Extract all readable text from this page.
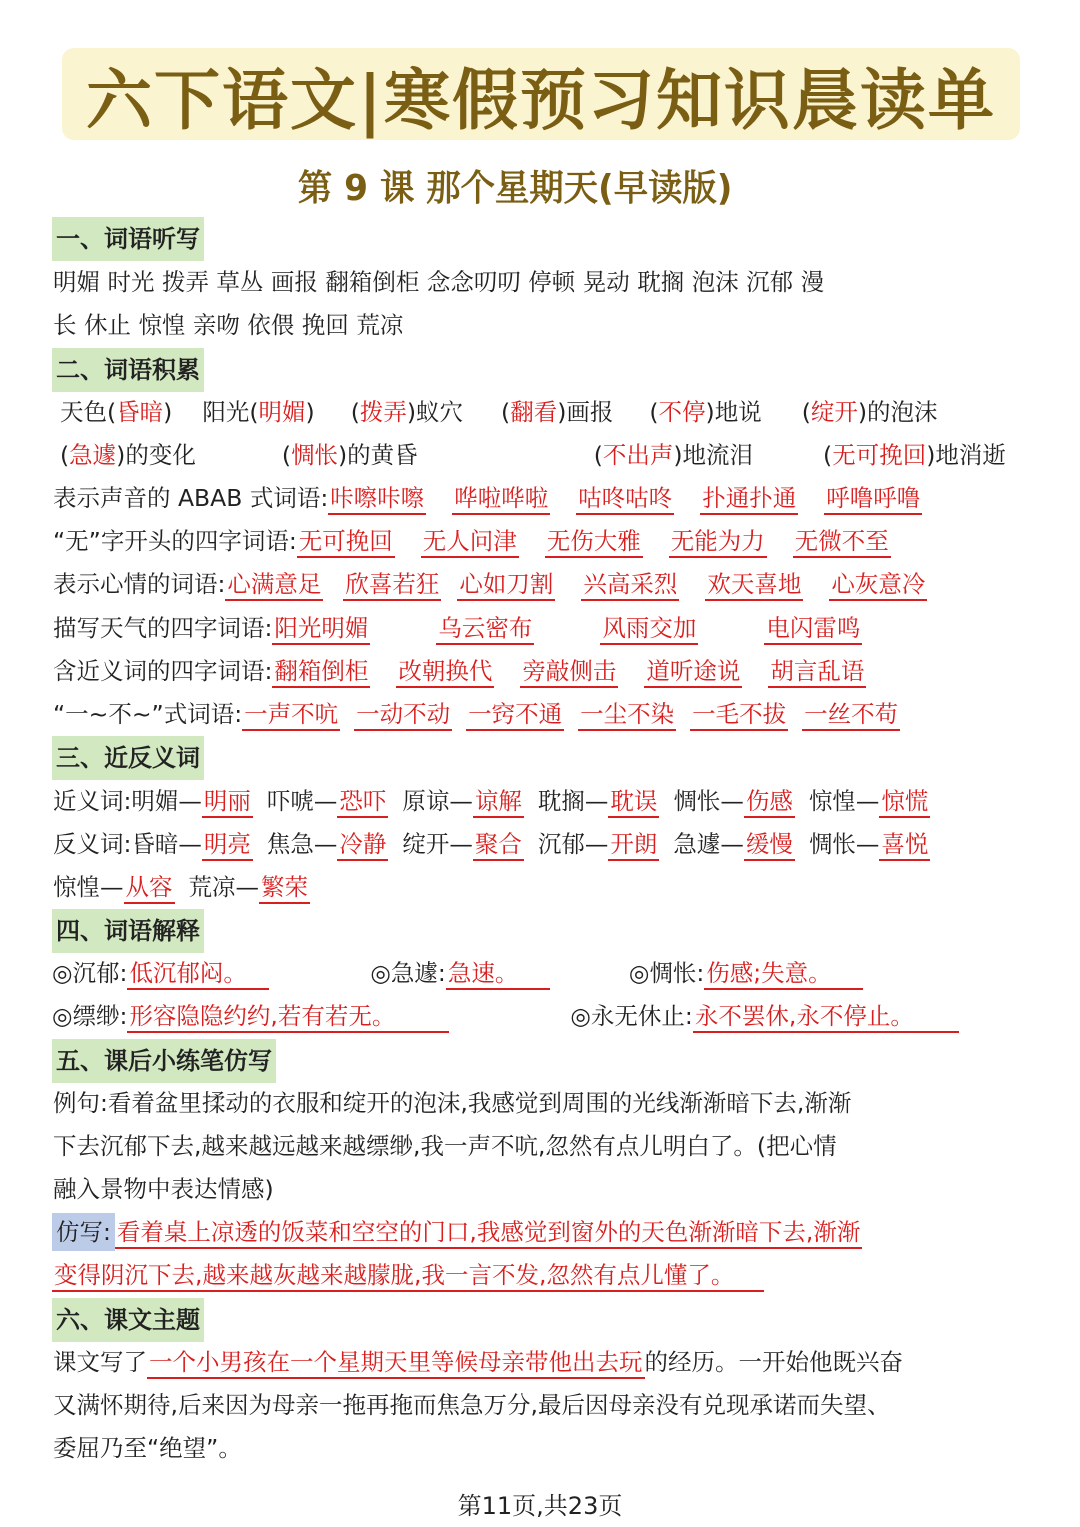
六下语文|寒假预习知识晨读单
第 9 课 那个星期天(早读版)
一、词语听写
明媚 时光 拨弄 草丛 画报 翻箱倒柜 念念叨叨 停顿 晃动 耽搁 泡沫 沉郁 漫
长 休止 惊惶 亲吻 依偎 挽回 荒凉
二、词语积累
天色(昏暗) 阳光(明媚) (拨弄)蚁穴 (翻看)画报 (不停)地说 (绽开)的泡沫
(急遽)的变化	(惆怅)的黄昏	(不出声)地流泪	(无可挽回)地消逝
表示声音的 ABAB 式词语:咔嚓咔嚓 哗啦哗啦 咕咚咕咚 扑通扑通 呼噜呼噜
“无”字开头的四字词语:无可挽回 无人问津 无伤大雅 无能为力 无微不至
表示心情的词语:心满意足 欣喜若狂 心如刀割 兴高采烈 欢天喜地 心灰意冷
描写天气的四字词语:阳光明媚	乌云密布	风雨交加	电闪雷鸣
含近义词的四字词语:翻箱倒柜 改朝换代 旁敲侧击 道听途说 胡言乱语
“一~不~”式词语:一声不吭 一动不动 一窍不通 一尘不染 一毛不拔 一丝不苟
三、近反义词
近义词:明媚—明丽 吓唬—恐吓 原谅—谅解 耽搁—耽误 惆怅—伤感 惊惶—惊慌
反义词:昏暗—明亮 焦急—冷静 绽开—聚合 沉郁—开朗 急遽—缓慢 惆怅—喜悦
惊惶—从容 荒凉—繁荣
四、词语解释
◎沉郁:低沉郁闷。	◎急遽:急速。	◎惆怅:伤感;失意。
◎缥缈:形容隐隐约约,若有若无。	◎永无休止:永不罢休,永不停止。
五、课后小练笔仿写
例句:看着盆里揉动的衣服和绽开的泡沫,我感觉到周围的光线渐渐暗下去,渐渐
下去沉郁下去,越来越远越来越缥缈,我一声不吭,忽然有点儿明白了。(把心情
融入景物中表达情感)
仿写: 看着桌上凉透的饭菜和空空的门口,我感觉到窗外的天色渐渐暗下去,渐渐
变得阴沉下去,越来越灰越来越朦胧,我一言不发,忽然有点儿懂了。
六、课文主题
课文写了一个小男孩在一个星期天里等候母亲带他出去玩的经历。一开始他既兴奋
又满怀期待,后来因为母亲一拖再拖而焦急万分,最后因母亲没有兑现承诺而失望、
委屈乃至“绝望”。
第11页,共23页
